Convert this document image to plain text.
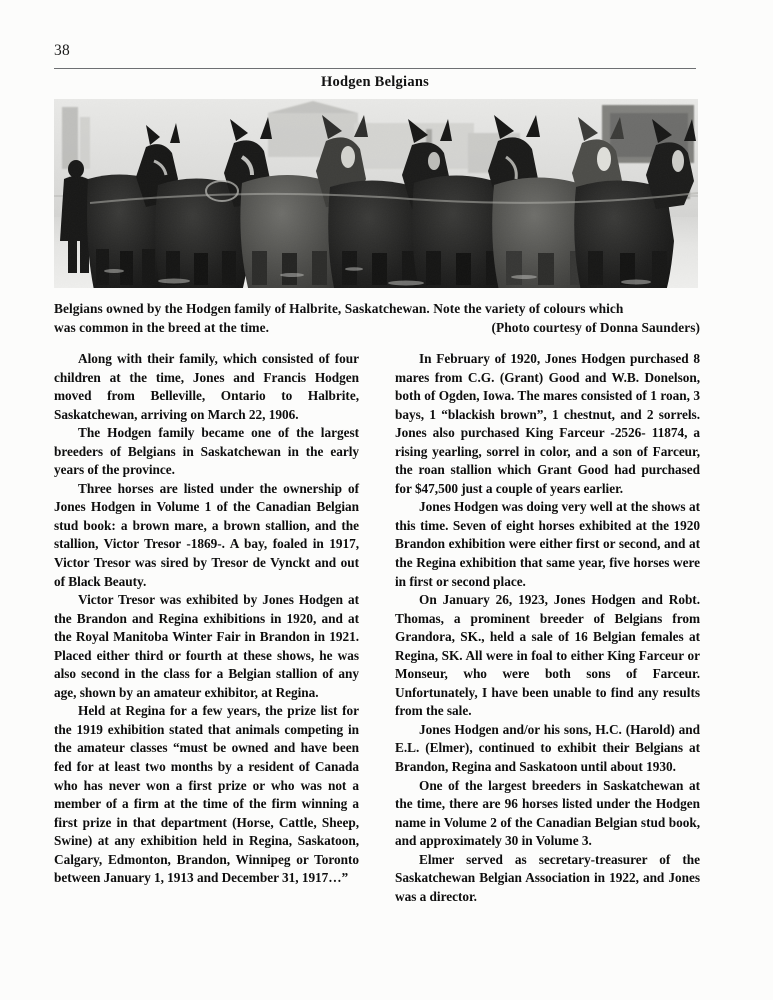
38
Hodgen Belgians
Belgians owned by the Hodgen family of Halbrite, Saskatchewan. Note the variety of colours which
was common in the breed at the time.	(Photo courtesy of Donna Saunders)

Along with their family, which consisted of four children at the time, Jones and Francis Hodgen moved from Belleville, Ontario to Halbrite, Saskatchewan, arriving on March 22, 1906.

The Hodgen family became one of the largest breeders of Belgians in Saskatchewan in the early years of the province.

Three horses are listed under the ownership of Jones Hodgen in Volume 1 of the Canadian Belgian stud book: a brown mare, a brown stallion, and the stallion, Victor Tresor -1869-. A bay, foaled in 1917, Victor Tresor was sired by Tresor de Vynckt and out of Black Beauty.

Victor Tresor was exhibited by Jones Hodgen at the Brandon and Regina exhibitions in 1920, and at the Royal Manitoba Winter Fair in Brandon in 1921. Placed either third or fourth at these shows, he was also second in the class for a Belgian stallion of any age, shown by an amateur exhibitor, at Regina.

Held at Regina for a few years, the prize list for the 1919 exhibition stated that animals competing in the amateur classes “must be owned and have been fed for at least two months by a resident of Canada who has never won a first prize or who was not a member of a firm at the time of the firm winning a first prize in that department (Horse, Cattle, Sheep, Swine) at any exhibition held in Regina, Saskatoon, Calgary, Edmonton, Brandon, Winnipeg or Toronto between January 1, 1913 and December 31, 1917…”

In February of 1920, Jones Hodgen purchased 8 mares from C.G. (Grant) Good and W.B. Donelson, both of Ogden, Iowa. The mares consisted of 1 roan, 3 bays, 1 “blackish brown”, 1 chestnut, and 2 sorrels. Jones also purchased King Farceur -2526- 11874, a rising yearling, sorrel in color, and a son of Farceur, the roan stallion which Grant Good had purchased for $47,500 just a couple of years earlier.

Jones Hodgen was doing very well at the shows at this time. Seven of eight horses exhibited at the 1920 Brandon exhibition were either first or second, and at the Regina exhibition that same year, five horses were in first or second place.

On January 26, 1923, Jones Hodgen and Robt. Thomas, a prominent breeder of Belgians from Grandora, SK., held a sale of 16 Belgian females at Regina, SK. All were in foal to either King Farceur or Monseur, who were both sons of Farceur. Unfortunately, I have been unable to find any results from the sale.

Jones Hodgen and/or his sons, H.C. (Harold) and E.L. (Elmer), continued to exhibit their Belgians at Brandon, Regina and Saskatoon until about 1930.

One of the largest breeders in Saskatchewan at the time, there are 96 horses listed under the Hodgen name in Volume 2 of the Canadian Belgian stud book, and approximately 30 in Volume 3.

Elmer served as secretary-treasurer of the Saskatchewan Belgian Association in 1922, and Jones was a director.
